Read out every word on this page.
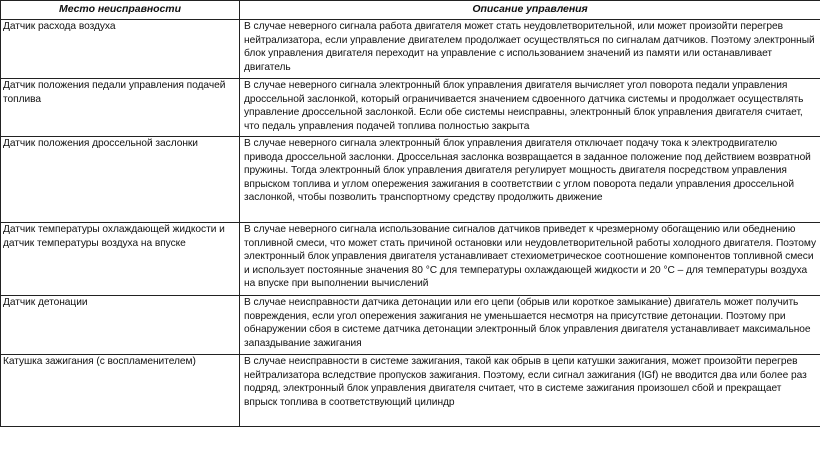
Место неисправности	Описание управления
Датчик расхода воздуха	В случае неверного сигнала работа двигателя может стать неудовлетворительной, или может произойти перегрев нейтрализатора, если управление двигателем продолжает осуществляться по сигналам датчиков. Поэтому электронный блок управления двигателя переходит на управление с использованием значений из памяти или останавливает двигатель
Датчик положения педали управления подачей топлива	В случае неверного сигнала электронный блок управления двигателя вычисляет угол поворота педали управления дроссельной заслонкой, который ограничивается значением сдвоенного датчика системы и продолжает осуществлять управление дроссельной заслонкой. Если обе системы неисправны, электронный блок управления двигателя считает, что педаль управления подачей топлива полностью закрыта
Датчик положения дроссельной заслонки	В случае неверного сигнала электронный блок управления двигателя отключает подачу тока к электродвигателю привода дроссельной заслонки. Дроссельная заслонка возвращается в заданное положение под действием возвратной пружины. Тогда электронный блок управления двигателя регулирует мощность двигателя посредством управления впрыском топлива и углом опережения зажигания в соответствии с углом поворота педали управления дроссельной заслонкой, чтобы позволить транспортному средству продолжить движение
Датчик температуры охлаждающей жидкости и датчик температуры воздуха на впуске	В случае неверного сигнала использование сигналов датчиков приведет к чрезмерному обогащению или обеднению топливной смеси, что может стать причиной остановки или неудовлетворительной работы холодного двигателя. Поэтому электронный блок управления двигателя устанавливает стехиометрическое соотношение компонентов топливной смеси и использует постоянные значения 80 °С для температуры охлаждающей жидкости и 20 °С – для температуры воздуха на впуске при выполнении вычислений
Датчик детонации	В случае неисправности датчика детонации или его цепи (обрыв или короткое замыкание) двигатель может получить повреждения, если угол опережения зажигания не уменьшается несмотря на присутствие детонации. Поэтому при обнаружении сбоя в системе датчика детонации электронный блок управления двигателя устанавливает максимальное запаздывание зажигания
Катушка зажигания (с воспламенителем)	В случае неисправности в системе зажигания, такой как обрыв в цепи катушки зажигания, может произойти перегрев нейтрализатора вследствие пропусков зажигания. Поэтому, если сигнал зажигания (IGf) не вводится два или более раз подряд, электронный блок управления двигателя считает, что в системе зажигания произошел сбой и прекращает впрыск топлива в соответствующий цилиндр
